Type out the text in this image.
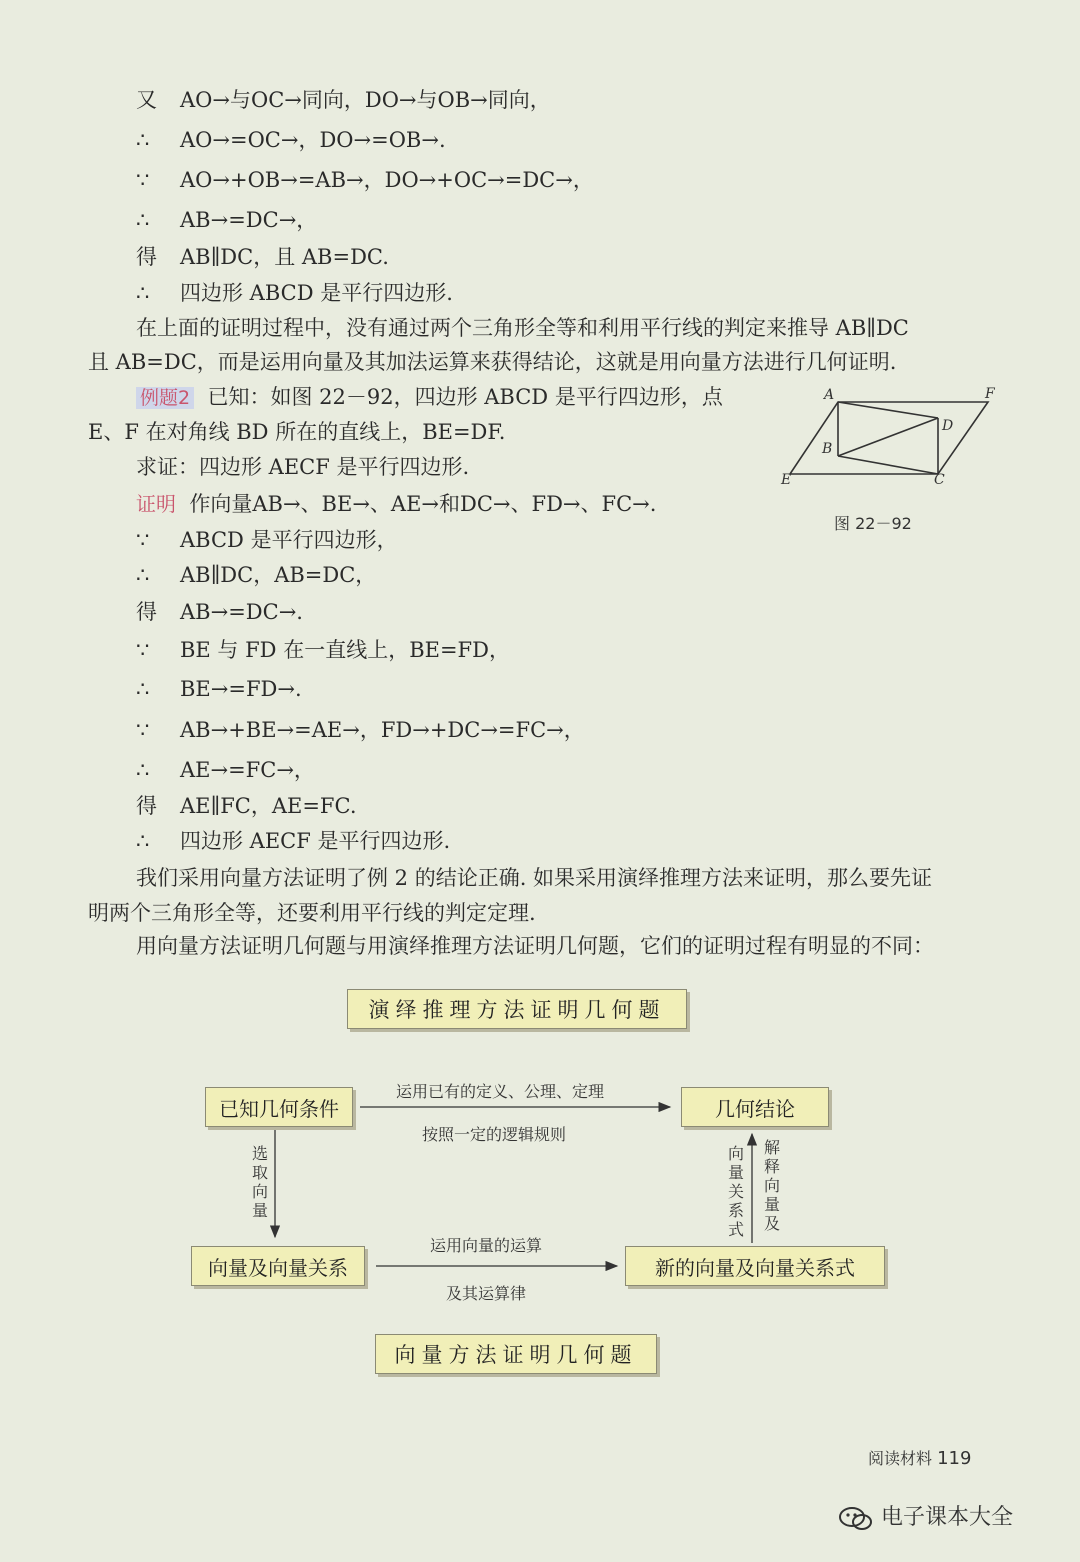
又 AO→与OC→同向，DO→与OB→同向，
∴ AO→=OC→，DO→=OB→.
∵ AO→+OB→=AB→，DO→+OC→=DC→，
∴ AB→=DC→，
得 AB∥DC，且 AB=DC.
∴ 四边形 ABCD 是平行四边形.
在上面的证明过程中，没有通过两个三角形全等和利用平行线的判定来推导 AB∥DC
且 AB=DC，而是运用向量及其加法运算来获得结论，这就是用向量方法进行几何证明.
例题2 已知：如图 22－92，四边形 ABCD 是平行四边形，点
E、F 在对角线 BD 所在的直线上，BE=DF.
求证：四边形 AECF 是平行四边形.
证明 作向量AB→、BE→、AE→和DC→、FD→、FC→.
∵ ABCD 是平行四边形，
∴ AB∥DC，AB=DC，
得 AB→=DC→.
∵ BE 与 FD 在一直线上，BE=FD，
∴ BE→=FD→.
∵ AB→+BE→=AE→，FD→+DC→=FC→，
∴ AE→=FC→，
得 AE∥FC，AE=FC.
∴ 四边形 AECF 是平行四边形.
A	F
D
B
E	C
图 22－92
我们采用向量方法证明了例 2 的结论正确. 如果采用演绎推理方法来证明，那么要先证
明两个三角形全等，还要利用平行线的判定定理.
用向量方法证明几何题与用演绎推理方法证明几何题，它们的证明过程有明显的不同：
演绎推理方法证明几何题
已知几何条件	几何结论
运用已有的定义、公理、定理
按照一定的逻辑规则
选
取
向
量
向
量
关
系
式
解
释
向
量
及
向量及向量关系	新的向量及向量关系式
运用向量的运算
及其运算律
向量方法证明几何题
阅读材料 119
电子课本大全
